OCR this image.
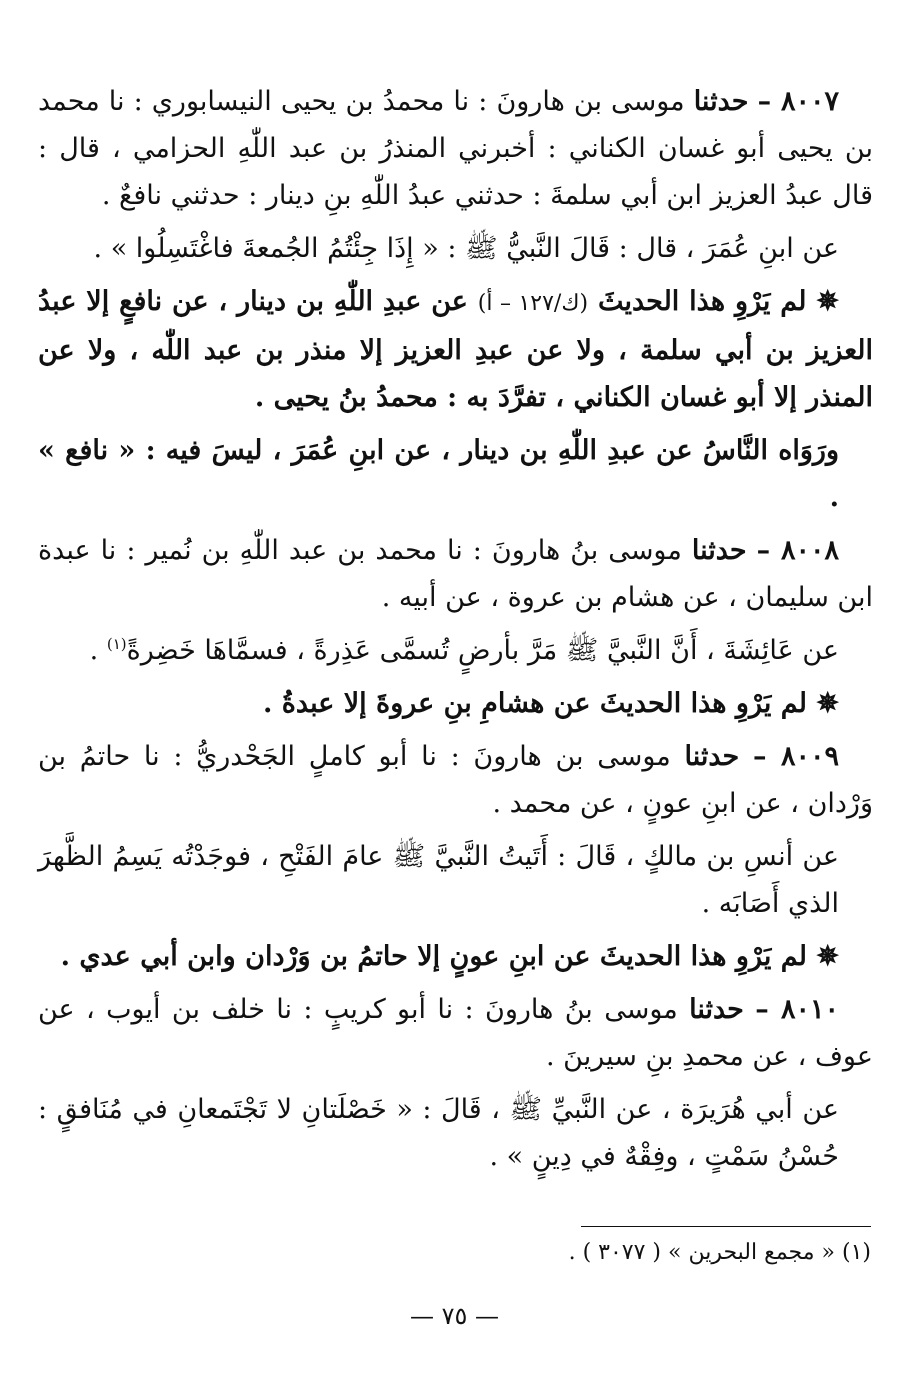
٨٠٠٧ – حدثنا موسى بن هارونَ : نا محمدُ بن يحيى النيسابوري : نا محمد بن يحيى أبو غسان الكناني : أخبرني المنذرُ بن عبد اللّٰهِ الحزامي ، قال : قال عبدُ العزيز ابن أبي سلمةَ : حدثني عبدُ اللّٰهِ بنِ دينار : حدثني نافعٌ .

عن ابنِ عُمَرَ ، قال : قَالَ النَّبيُّ ﷺ : « إِذَا جِئْتُمُ الجُمعةَ فاغْتَسِلُوا » .

✵ لم يَرْوِ هذا الحديثَ (ك/١٢٧ – أ) عن عبدِ اللّٰهِ بن دينار ، عن نافعٍ إلا عبدُ العزيز بن أبي سلمة ، ولا عن عبدِ العزيز إلا منذر بن عبد اللّٰه ، ولا عن المنذر إلا أبو غسان الكناني ، تفرَّدَ به : محمدُ بنُ يحيى .

ورَوَاه النَّاسُ عن عبدِ اللّٰهِ بن دينار ، عن ابنِ عُمَرَ ، ليسَ فيه : « نافع » .

٨٠٠٨ – حدثنا موسى بنُ هارونَ : نا محمد بن عبد اللّٰهِ بن نُمير : نا عبدة ابن سليمان ، عن هشام بن عروة ، عن أبيه .

عن عَائِشَةَ ، أَنَّ النَّبيَّ ﷺ مَرَّ بأرضٍ تُسمَّى عَذِرةً ، فسمَّاهَا خَضِرةً$^{(١)}$ .

✵ لم يَرْوِ هذا الحديثَ عن هشامِ بنِ عروةَ إلا عبدةُ .

٨٠٠٩ – حدثنا موسى بن هارونَ : نا أبو كاملٍ الجَحْدريُّ : نا حاتمُ بن وَرْدان ، عن ابنِ عونٍ ، عن محمد .

عن أنسِ بن مالكٍ ، قَالَ : أَتَيتُ النَّبيَّ ﷺ عامَ الفَتْحِ ، فوجَدْتُه يَسِمُ الظَّهرَ الذي أَصَابَه .

✵ لم يَرْوِ هذا الحديثَ عن ابنِ عونٍ إلا حاتمُ بن وَرْدان وابن أبي عدي .

٨٠١٠ – حدثنا موسى بنُ هارونَ : نا أبو كريبٍ : نا خلف بن أيوب ، عن عوف ، عن محمدِ بنِ سيرينَ .

عن أبي هُرَيرَة ، عن النَّبيِّ ﷺ ، قَالَ : « خَصْلَتانِ لا تَجْتَمعانِ في مُنَافقٍ : حُسْنُ سَمْتٍ ، وفِقْهٌ في دِينٍ » .

(١) « مجمع البحرين » ( ٣٠٧٧ ) .
— ٧٥ —
